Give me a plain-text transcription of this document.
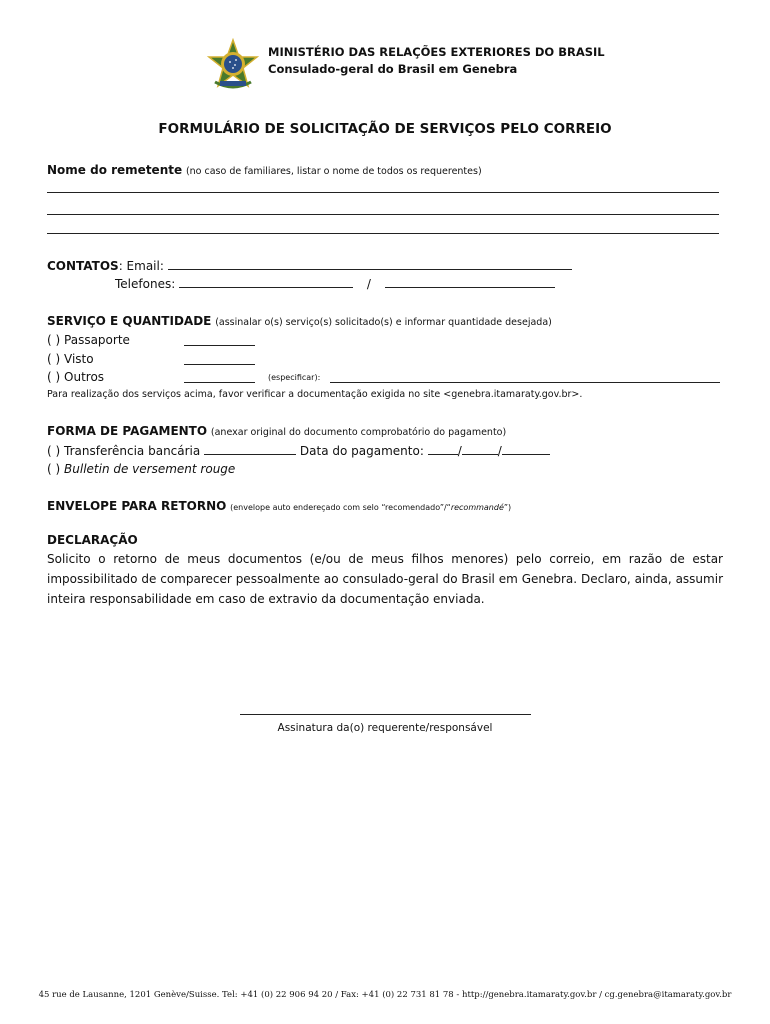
MINISTÉRIO DAS RELAÇÕES EXTERIORES DO BRASIL
Consulado-geral do Brasil em Genebra
FORMULÁRIO DE SOLICITAÇÃO DE SERVIÇOS PELO CORREIO
Nome do remetente (no caso de familiares, listar o nome de todos os requerentes)
CONTATOS: Email:
Telefones:	/
SERVIÇO E QUANTIDADE (assinalar o(s) serviço(s) solicitado(s) e informar quantidade desejada)
( ) Passaporte
( ) Visto
( ) Outros	(especificar):
Para realização dos serviços acima, favor verificar a documentação exigida no site <genebra.itamaraty.gov.br>.
FORMA DE PAGAMENTO (anexar original do documento comprobatório do pagamento)
( ) Transferência bancária	Data do pagamento:	/	/
( ) Bulletin de versement rouge
ENVELOPE PARA RETORNO (envelope auto endereçado com selo “recomendado”/“recommandé”)
DECLARAÇÃO
Solicito o retorno de meus documentos (e/ou de meus filhos menores) pelo correio, em razão de estar impossibilitado de comparecer pessoalmente ao consulado-geral do Brasil em Genebra. Declaro, ainda, assumir inteira responsabilidade em caso de extravio da documentação enviada.
Assinatura da(o) requerente/responsável
45 rue de Lausanne, 1201 Genève/Suisse. Tel: +41 (0) 22 906 94 20 / Fax: +41 (0) 22 731 81 78 - http://genebra.itamaraty.gov.br / cg.genebra@itamaraty.gov.br
